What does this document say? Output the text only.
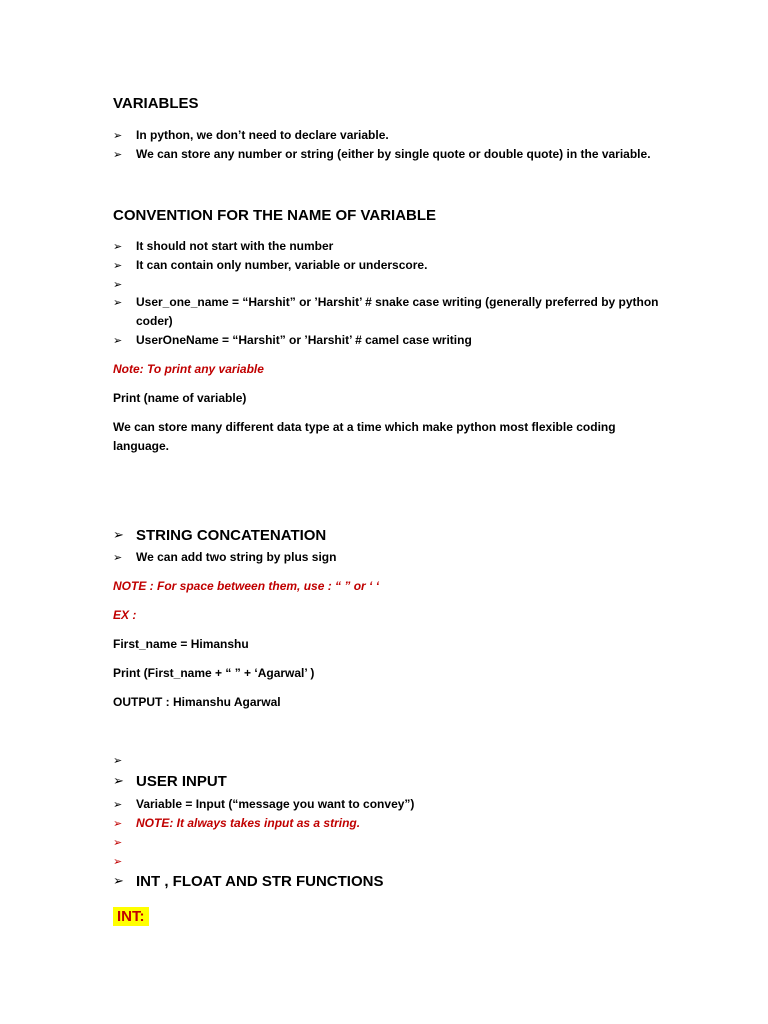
VARIABLES
➢	In python, we don’t need to declare variable.
➢	We can store any number or string (either by single quote or double quote) in the variable.
CONVENTION FOR THE NAME OF VARIABLE
➢	It should not start with the number
➢	It can contain only number, variable or underscore.
➢
➢	User_one_name = “Harshit” or ’Harshit’ # snake case writing (generally preferred by python
coder)
➢	UserOneName = “Harshit” or ’Harshit’ # camel case writing
Note: To print any variable
Print (name of variable)
We can store many different data type at a time which make python most flexible coding
language.
➢ STRING CONCATENATION
➢	We can add two string by plus sign
NOTE : For space between them, use : “ ” or ‘ ‘
EX :
First_name = Himanshu
Print (First_name + “ ” + ‘Agarwal’ )
OUTPUT : Himanshu Agarwal
➢
➢ USER INPUT
➢	Variable = Input (“message you want to convey”)
➢	NOTE: It always takes input as a string.
➢
➢
➢ INT , FLOAT AND STR FUNCTIONS
INT:
